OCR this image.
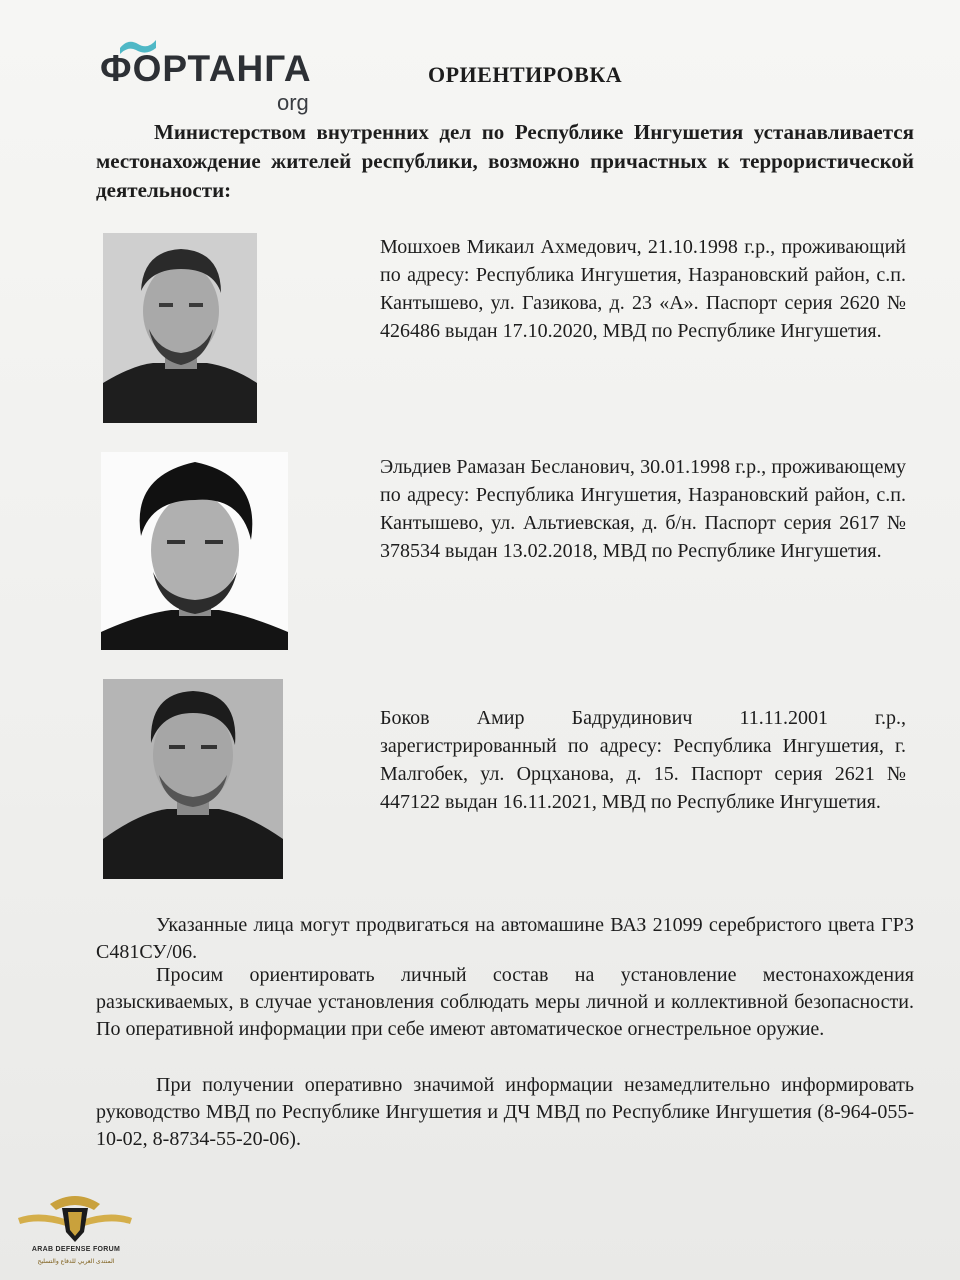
ФОРТАНГА
org
ОРИЕНТИРОВКА
Министерством внутренних дел по Республике Ингушетия устанавливается местонахождение жителей республики, возможно причастных к террористической деятельности:
Мошхоев Микаил Ахмедович, 21.10.1998 г.р., проживающий по адресу: Республика Ингушетия, Назрановский район, с.п. Кантышево, ул. Газикова, д. 23 «А». Паспорт серия 2620 № 426486 выдан 17.10.2020, МВД по Республике Ингушетия.
Эльдиев Рамазан Бесланович, 30.01.1998 г.р., проживающему по адресу: Республика Ингушетия, Назрановский район, с.п. Кантышево, ул. Альтиевская, д. б/н. Паспорт серия 2617 № 378534 выдан 13.02.2018, МВД по Республике Ингушетия.
Боков Амир Бадрудинович 11.11.2001 г.р., зарегистрированный по адресу: Республика Ингушетия, г. Малгобек, ул. Орцханова, д. 15. Паспорт серия 2621 № 447122 выдан 16.11.2021, МВД по Республике Ингушетия.
Указанные лица могут продвигаться на автомашине ВАЗ 21099 серебристого цвета ГРЗ С481СУ/06.
Просим ориентировать личный состав на установление местонахождения разыскиваемых, в случае установления соблюдать меры личной и коллективной безопасности. По оперативной информации при себе имеют автоматическое огнестрельное оружие.
При получении оперативно значимой информации незамедлительно информировать руководство МВД по Республике Ингушетия и ДЧ МВД по Республике Ингушетия (8-964-055-10-02, 8-8734-55-20-06).
ARAB DEFENSE FORUM
المنتدى العربي للدفاع والتسليح
